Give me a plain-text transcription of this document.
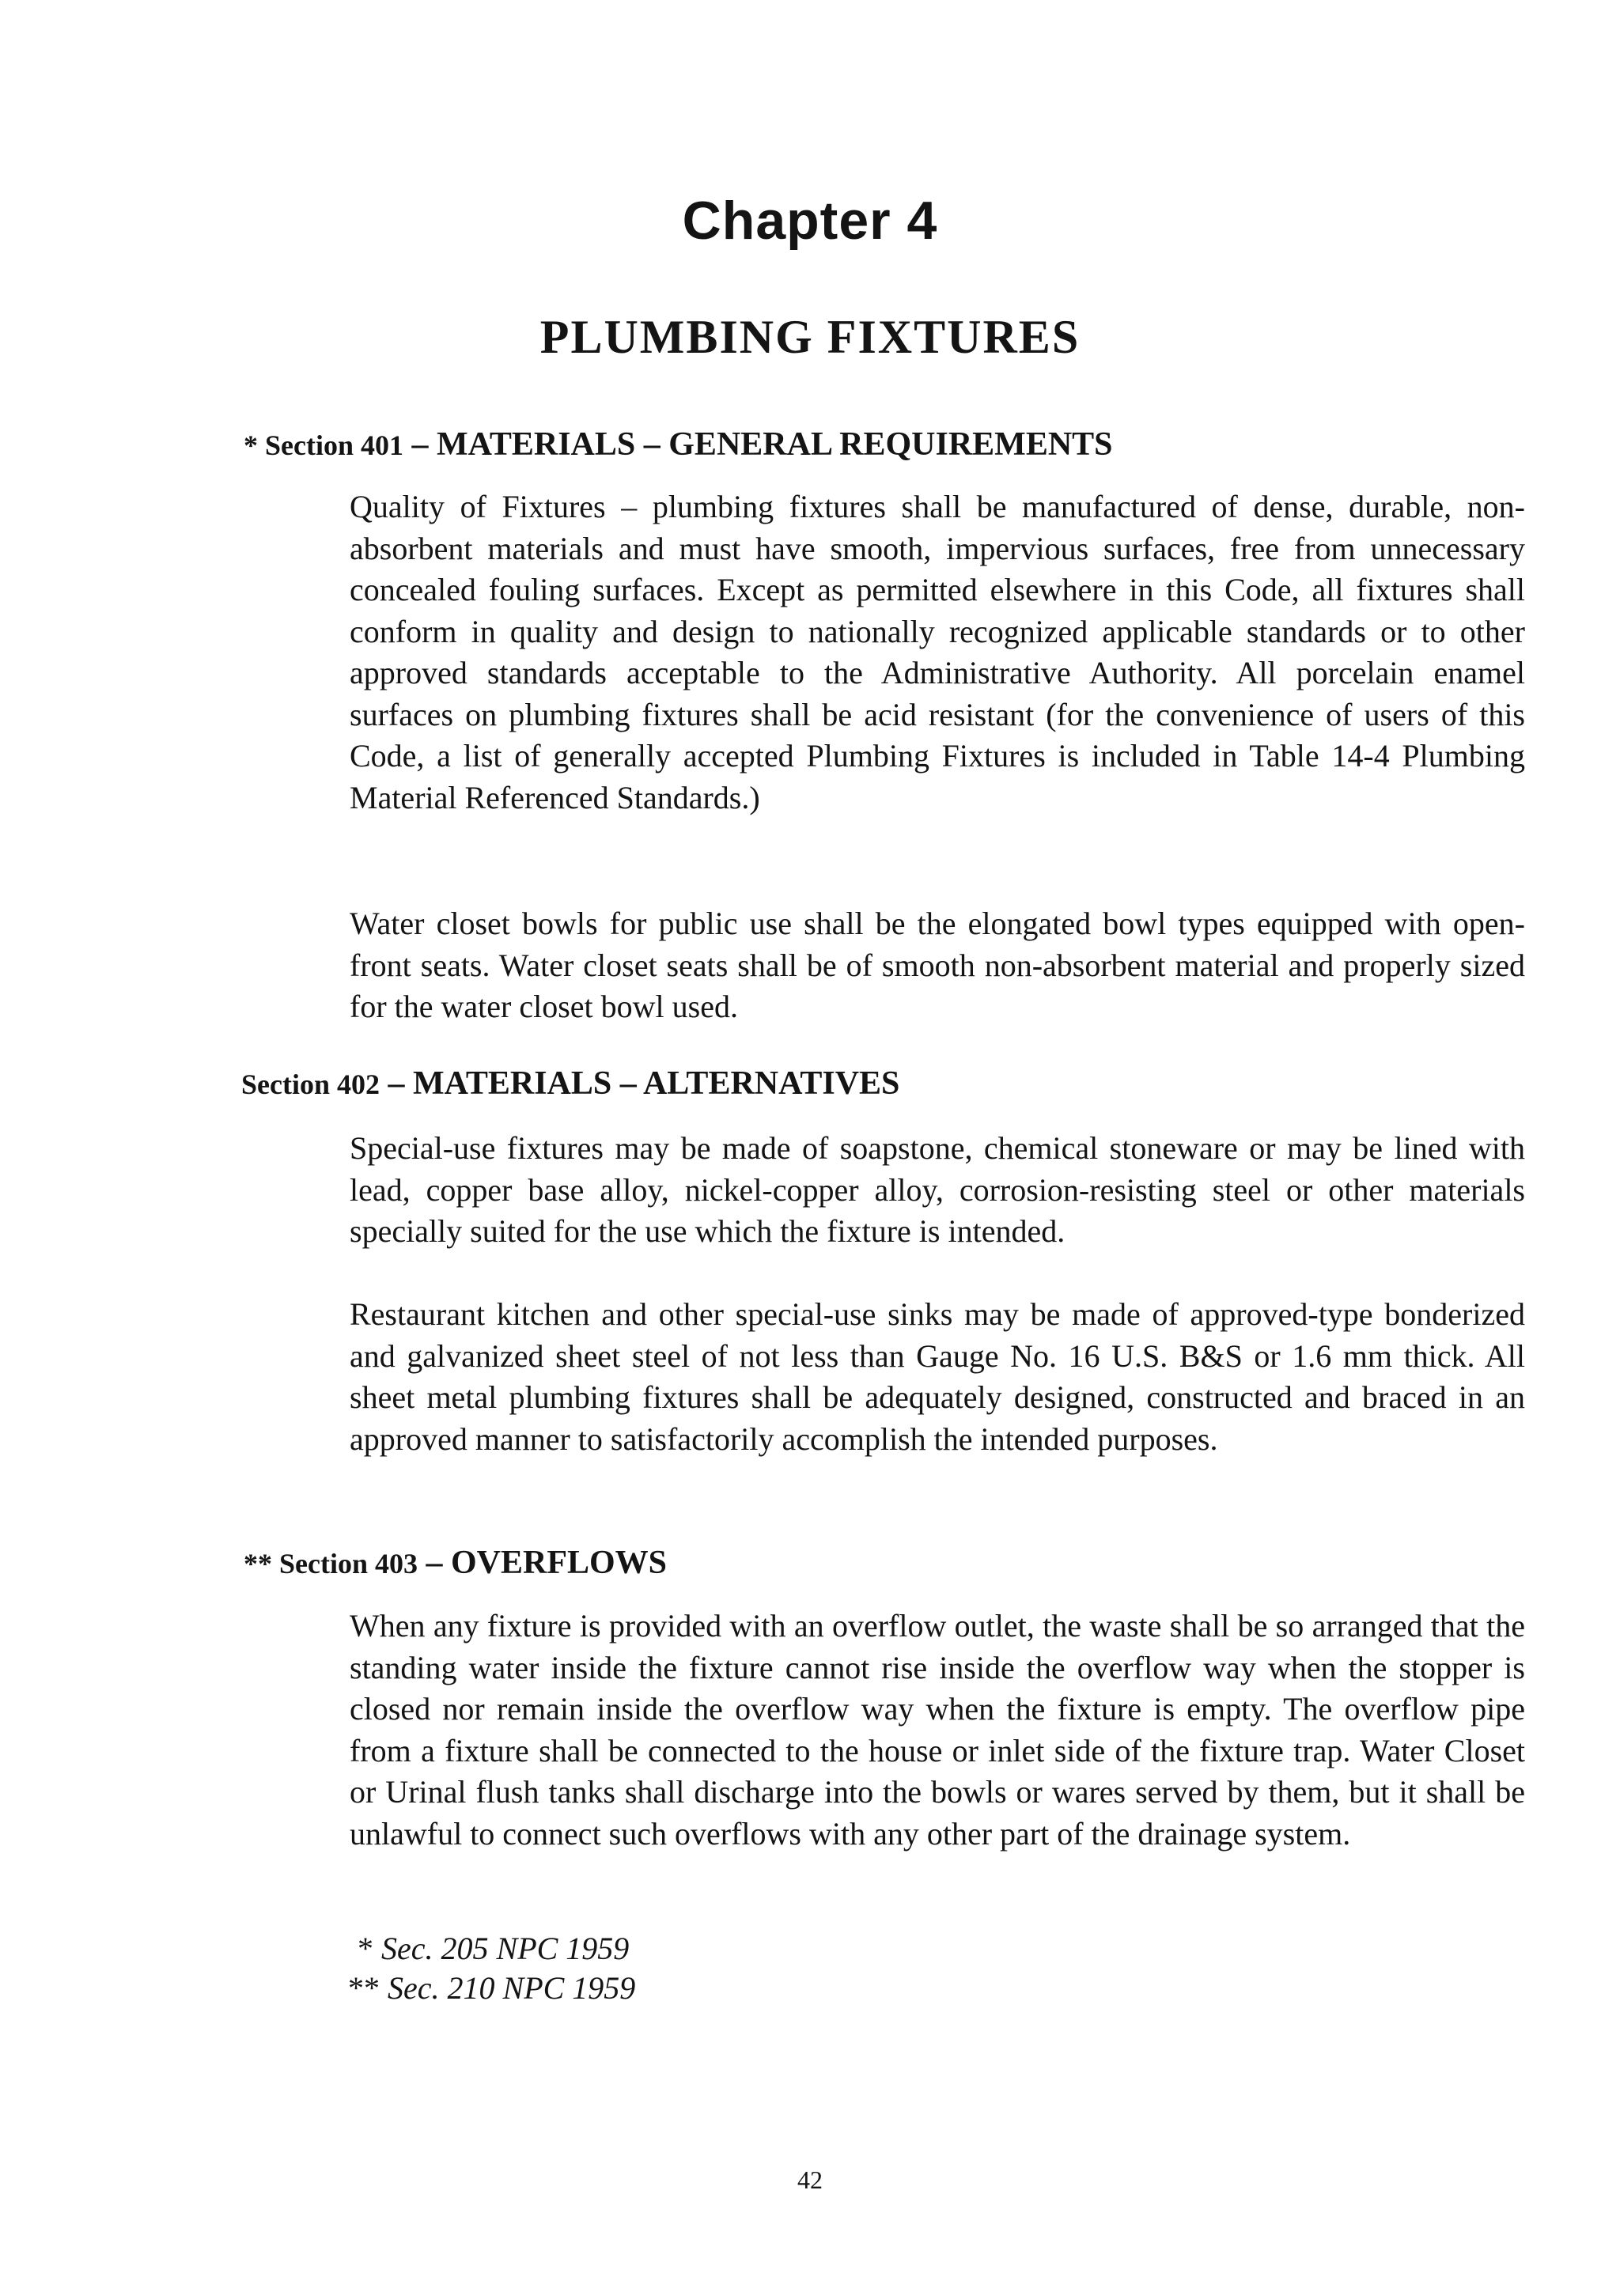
Chapter 4
PLUMBING FIXTURES
* Section 401 – MATERIALS – GENERAL REQUIREMENTS

Quality of Fixtures – plumbing fixtures shall be manufactured of dense, durable, non-absorbent materials and must have smooth, impervious surfaces, free from unnecessary concealed fouling surfaces. Except as permitted elsewhere in this Code, all fixtures shall conform in quality and design to nationally recognized applicable standards or to other approved standards acceptable to the Administrative Authority. All porcelain enamel surfaces on plumbing fixtures shall be acid resistant (for the convenience of users of this Code, a list of generally accepted Plumbing Fixtures is included in Table 14-4 Plumbing Material Referenced Standards.)

Water closet bowls for public use shall be the elongated bowl types equipped with open-front seats. Water closet seats shall be of smooth non-absorbent material and properly sized for the water closet bowl used.

Section 402 – MATERIALS – ALTERNATIVES

Special-use fixtures may be made of soapstone, chemical stoneware or may be lined with lead, copper base alloy, nickel-copper alloy, corrosion-resisting steel or other materials specially suited for the use which the fixture is intended.

Restaurant kitchen and other special-use sinks may be made of approved-type bonderized and galvanized sheet steel of not less than Gauge No. 16 U.S. B&S or 1.6 mm thick. All sheet metal plumbing fixtures shall be adequately designed, constructed and braced in an approved manner to satisfactorily accomplish the intended purposes.

** Section 403 – OVERFLOWS

When any fixture is provided with an overflow outlet, the waste shall be so arranged that the standing water inside the fixture cannot rise inside the overflow way when the stopper is closed nor remain inside the overflow way when the fixture is empty. The overflow pipe from a fixture shall be connected to the house or inlet side of the fixture trap. Water Closet or Urinal flush tanks shall discharge into the bowls or wares served by them, but it shall be unlawful to connect such overflows with any other part of the drainage system.

* Sec. 205 NPC 1959

** Sec. 210 NPC 1959

42
